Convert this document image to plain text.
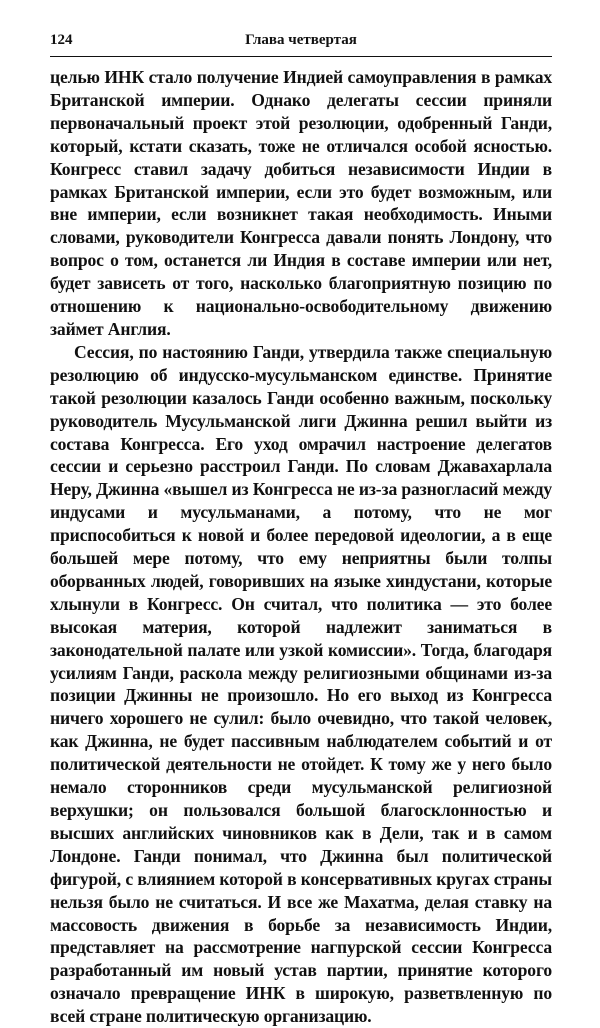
124	Глава четвертая

целью ИНК стало получение Индией самоуправления в рамках Британской империи. Однако делегаты сессии приняли первоначальный проект этой резолюции, одобренный Ганди, который, кстати сказать, тоже не отличался особой ясностью. Конгресс ставил задачу добиться независимости Индии в рамках Британской империи, если это будет возможным, или вне империи, если возникнет такая необходимость. Иными словами, руководители Конгресса давали понять Лондону, что вопрос о том, останется ли Индия в составе империи или нет, будет зависеть от того, насколько благоприятную позицию по отношению к национально-освободительному движению займет Англия.

Сессия, по настоянию Ганди, утвердила также специальную резолюцию об индусско-мусульманском единстве. Принятие такой резолюции казалось Ганди особенно важным, поскольку руководитель Мусульманской лиги Джинна решил выйти из состава Конгресса. Его уход омрачил настроение делегатов сессии и серьезно расстроил Ганди. По словам Джавахарлала Неру, Джинна «вышел из Конгресса не из-за разногласий между индусами и мусульманами, а потому, что не мог приспособиться к новой и более передовой идеологии, а в еще большей мере потому, что ему неприятны были толпы оборванных людей, говоривших на языке хиндустани, которые хлынули в Конгресс. Он считал, что политика — это более высокая материя, которой надлежит заниматься в законодательной палате или узкой комиссии». Тогда, благодаря усилиям Ганди, раскола между религиозными общинами из-за позиции Джинны не произошло. Но его выход из Конгресса ничего хорошего не сулил: было очевидно, что такой человек, как Джинна, не будет пассивным наблюдателем событий и от политической деятельности не отойдет. К тому же у него было немало сторонников среди мусульманской религиозной верхушки; он пользовался большой благосклонностью и высших английских чиновников как в Дели, так и в самом Лондоне. Ганди понимал, что Джинна был политической фигурой, с влиянием которой в консервативных кругах страны нельзя было не считаться. И все же Махатма, делая ставку на массовость движения в борьбе за независимость Индии, представляет на рассмотрение нагпурской сессии Конгресса разработанный им новый устав партии, принятие которого означало превращение ИНК в широкую, разветвленную по всей стране политическую организацию.
